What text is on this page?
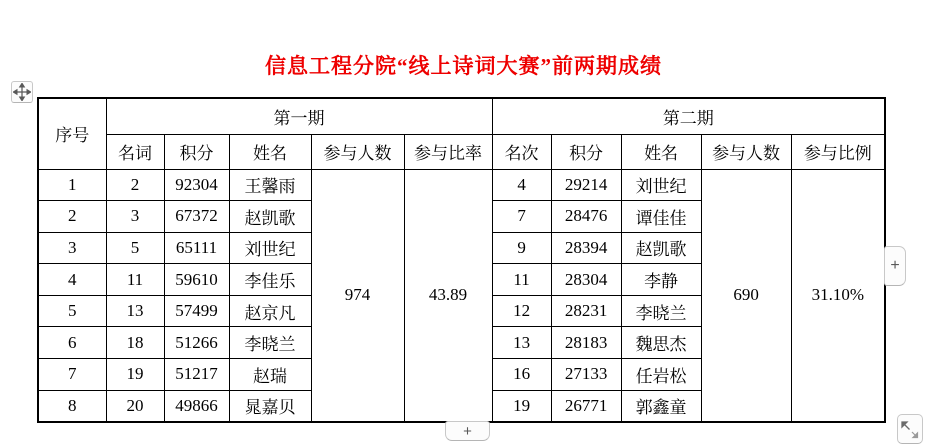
信息工程分院“线上诗词大赛”前两期成绩
序号	第一期					第二期				
	名词	积分	姓名	参与人数	参与比率	名次	积分	姓名	参与人数	参与比例
1	2	92304	王馨雨	974	43.89	4	29214	刘世纪	690	31.10%
2	3	67372	赵凯歌			7	28476	谭佳佳		
3	5	65111	刘世纪			9	28394	赵凯歌		
4	11	59610	李佳乐			11	28304	李静		
5	13	57499	赵京凡			12	28231	李晓兰		
6	18	51266	李晓兰			13	28183	魏思杰		
7	19	51217	赵瑞			16	27133	任岩松		
8	20	49866	晁嘉贝			19	26771	郭鑫童		
+
+
